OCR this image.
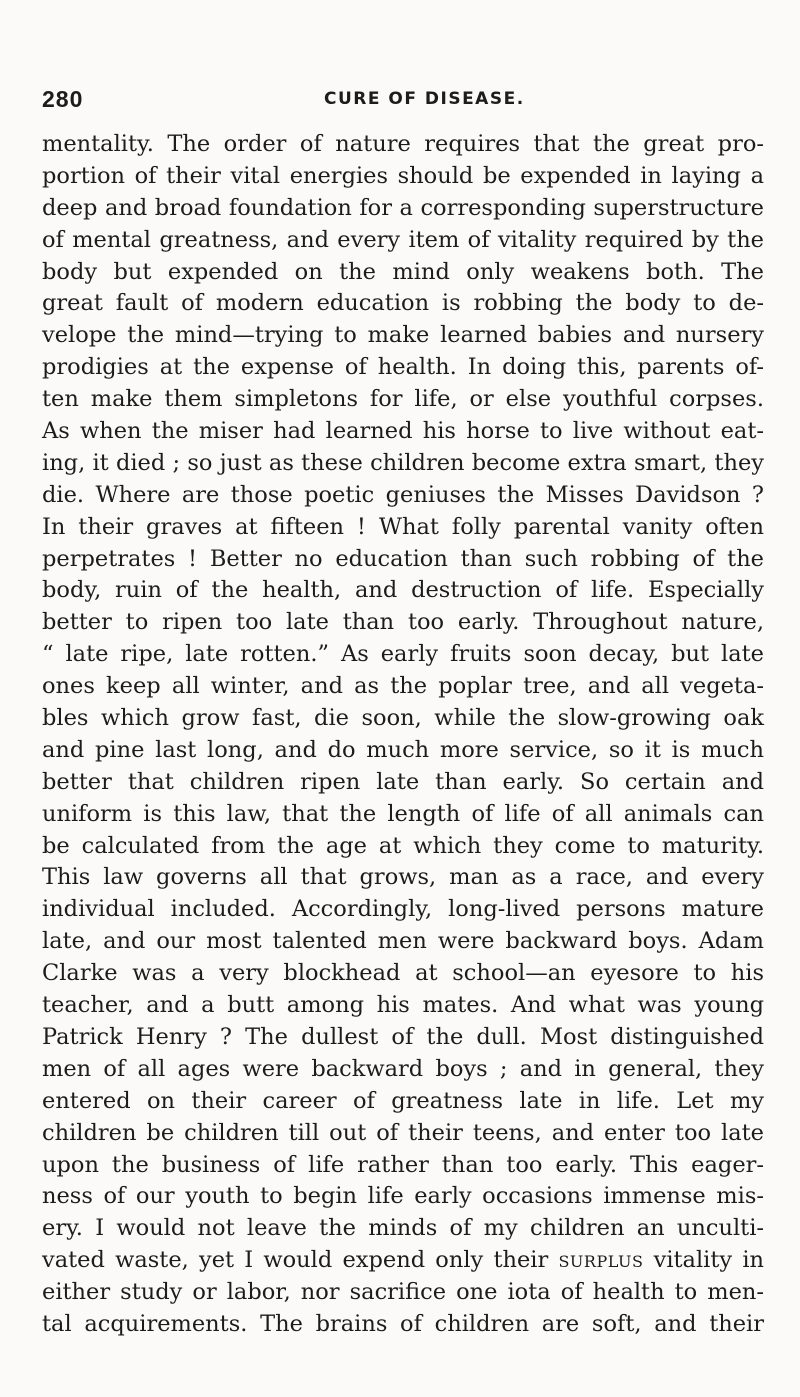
280	CURE OF DISEASE.
mentality. The order of nature requires that the great pro-
portion of their vital energies should be expended in laying a
deep and broad foundation for a corresponding superstructure
of mental greatness, and every item of vitality required by the
body but expended on the mind only weakens both. The
great fault of modern education is robbing the body to de-
velope the mind—trying to make learned babies and nursery
prodigies at the expense of health. In doing this, parents of-
ten make them simpletons for life, or else youthful corpses.
As when the miser had learned his horse to live without eat-
ing, it died ; so just as these children become extra smart, they
die. Where are those poetic geniuses the Misses Davidson ?
In their graves at fifteen ! What folly parental vanity often
perpetrates ! Better no education than such robbing of the
body, ruin of the health, and destruction of life. Especially
better to ripen too late than too early. Throughout nature,
“ late ripe, late rotten.” As early fruits soon decay, but late
ones keep all winter, and as the poplar tree, and all vegeta-
bles which grow fast, die soon, while the slow-growing oak
and pine last long, and do much more service, so it is much
better that children ripen late than early. So certain and
uniform is this law, that the length of life of all animals can
be calculated from the age at which they come to maturity.
This law governs all that grows, man as a race, and every
individual included. Accordingly, long-lived persons mature
late, and our most talented men were backward boys. Adam
Clarke was a very blockhead at school—an eyesore to his
teacher, and a butt among his mates. And what was young
Patrick Henry ? The dullest of the dull. Most distinguished
men of all ages were backward boys ; and in general, they
entered on their career of greatness late in life. Let my
children be children till out of their teens, and enter too late
upon the business of life rather than too early. This eager-
ness of our youth to begin life early occasions immense mis-
ery. I would not leave the minds of my children an unculti-
vated waste, yet I would expend only their surplus vitality in
either study or labor, nor sacrifice one iota of health to men-
tal acquirements. The brains of children are soft, and their
